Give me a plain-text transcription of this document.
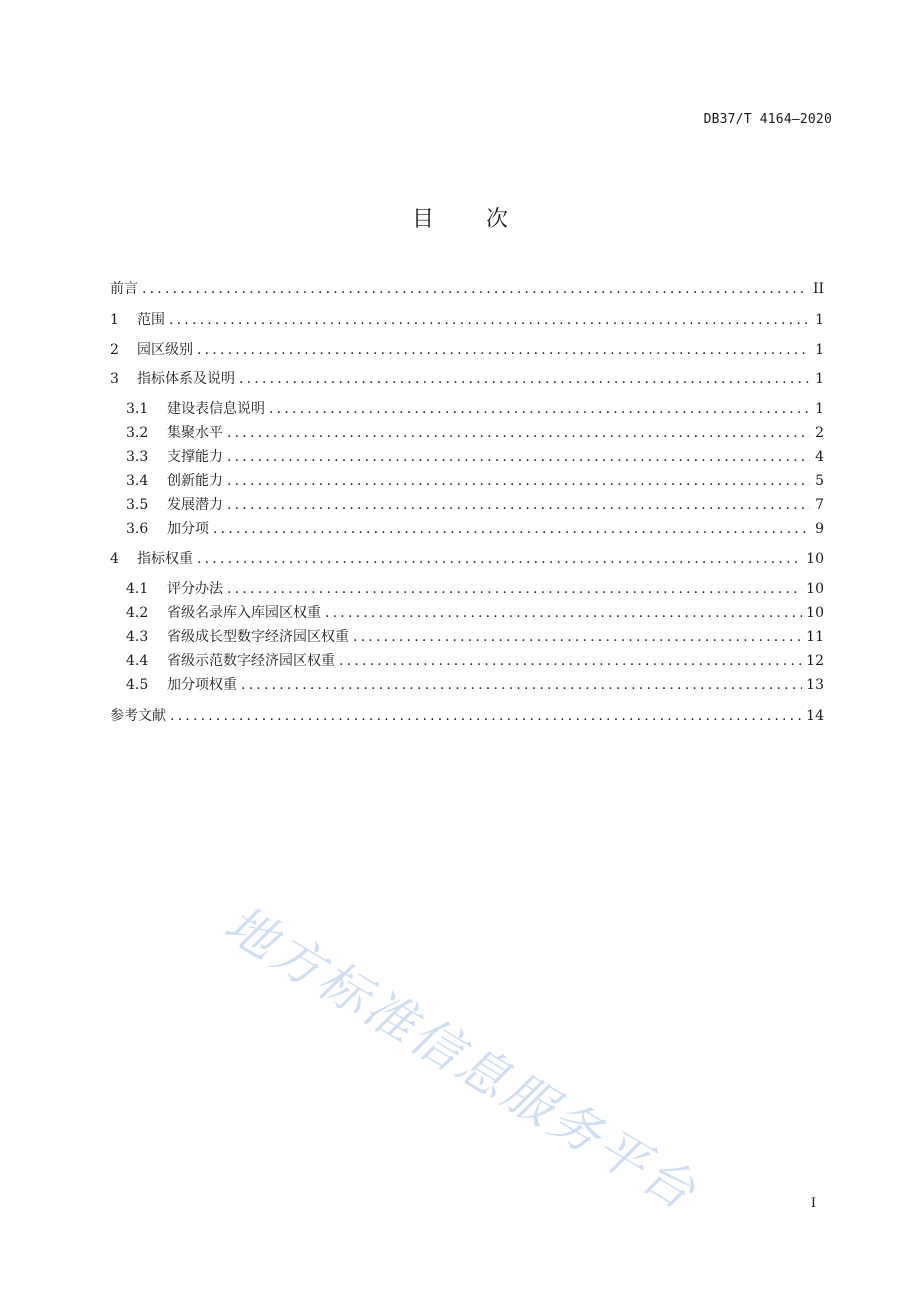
DB37/T 4164—2020
目 次
前言 .....	II
1	范围 .....	1
2	园区级别 .....	1
3	指标体系及说明 .....	1
3.1	建设表信息说明 .....	1
3.2	集聚水平 .....	2
3.3	支撑能力 .....	4
3.4	创新能力 .....	5
3.5	发展潜力 .....	7
3.6	加分项 .....	9
4	指标权重 .....	10
4.1	评分办法 .....	10
4.2	省级名录库入库园区权重 .....	10
4.3	省级成长型数字经济园区权重 .....	11
4.4	省级示范数字经济园区权重 .....	12
4.5	加分项权重 .....	13
参考文献 .....	14
地方标准信息服务平台	I
